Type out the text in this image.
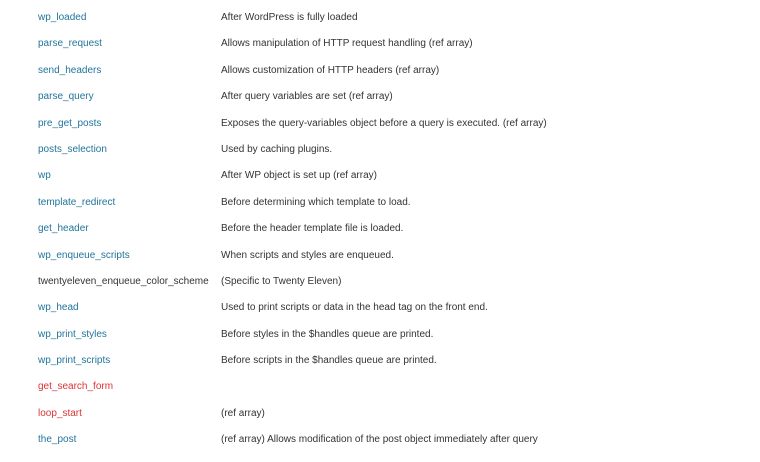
wp_loaded	After WordPress is fully loaded
parse_request	Allows manipulation of HTTP request handling (ref array)
send_headers	Allows customization of HTTP headers (ref array)
parse_query	After query variables are set (ref array)
pre_get_posts	Exposes the query-variables object before a query is executed. (ref array)
posts_selection	Used by caching plugins.
wp	After WP object is set up (ref array)
template_redirect	Before determining which template to load.
get_header	Before the header template file is loaded.
wp_enqueue_scripts	When scripts and styles are enqueued.
twentyeleven_enqueue_color_scheme (Specific to Twenty Eleven)
wp_head	Used to print scripts or data in the head tag on the front end.
wp_print_styles	Before styles in the $handles queue are printed.
wp_print_scripts	Before scripts in the $handles queue are printed.
get_search_form
loop_start	(ref array)
the_post	(ref array) Allows modification of the post object immediately after query
